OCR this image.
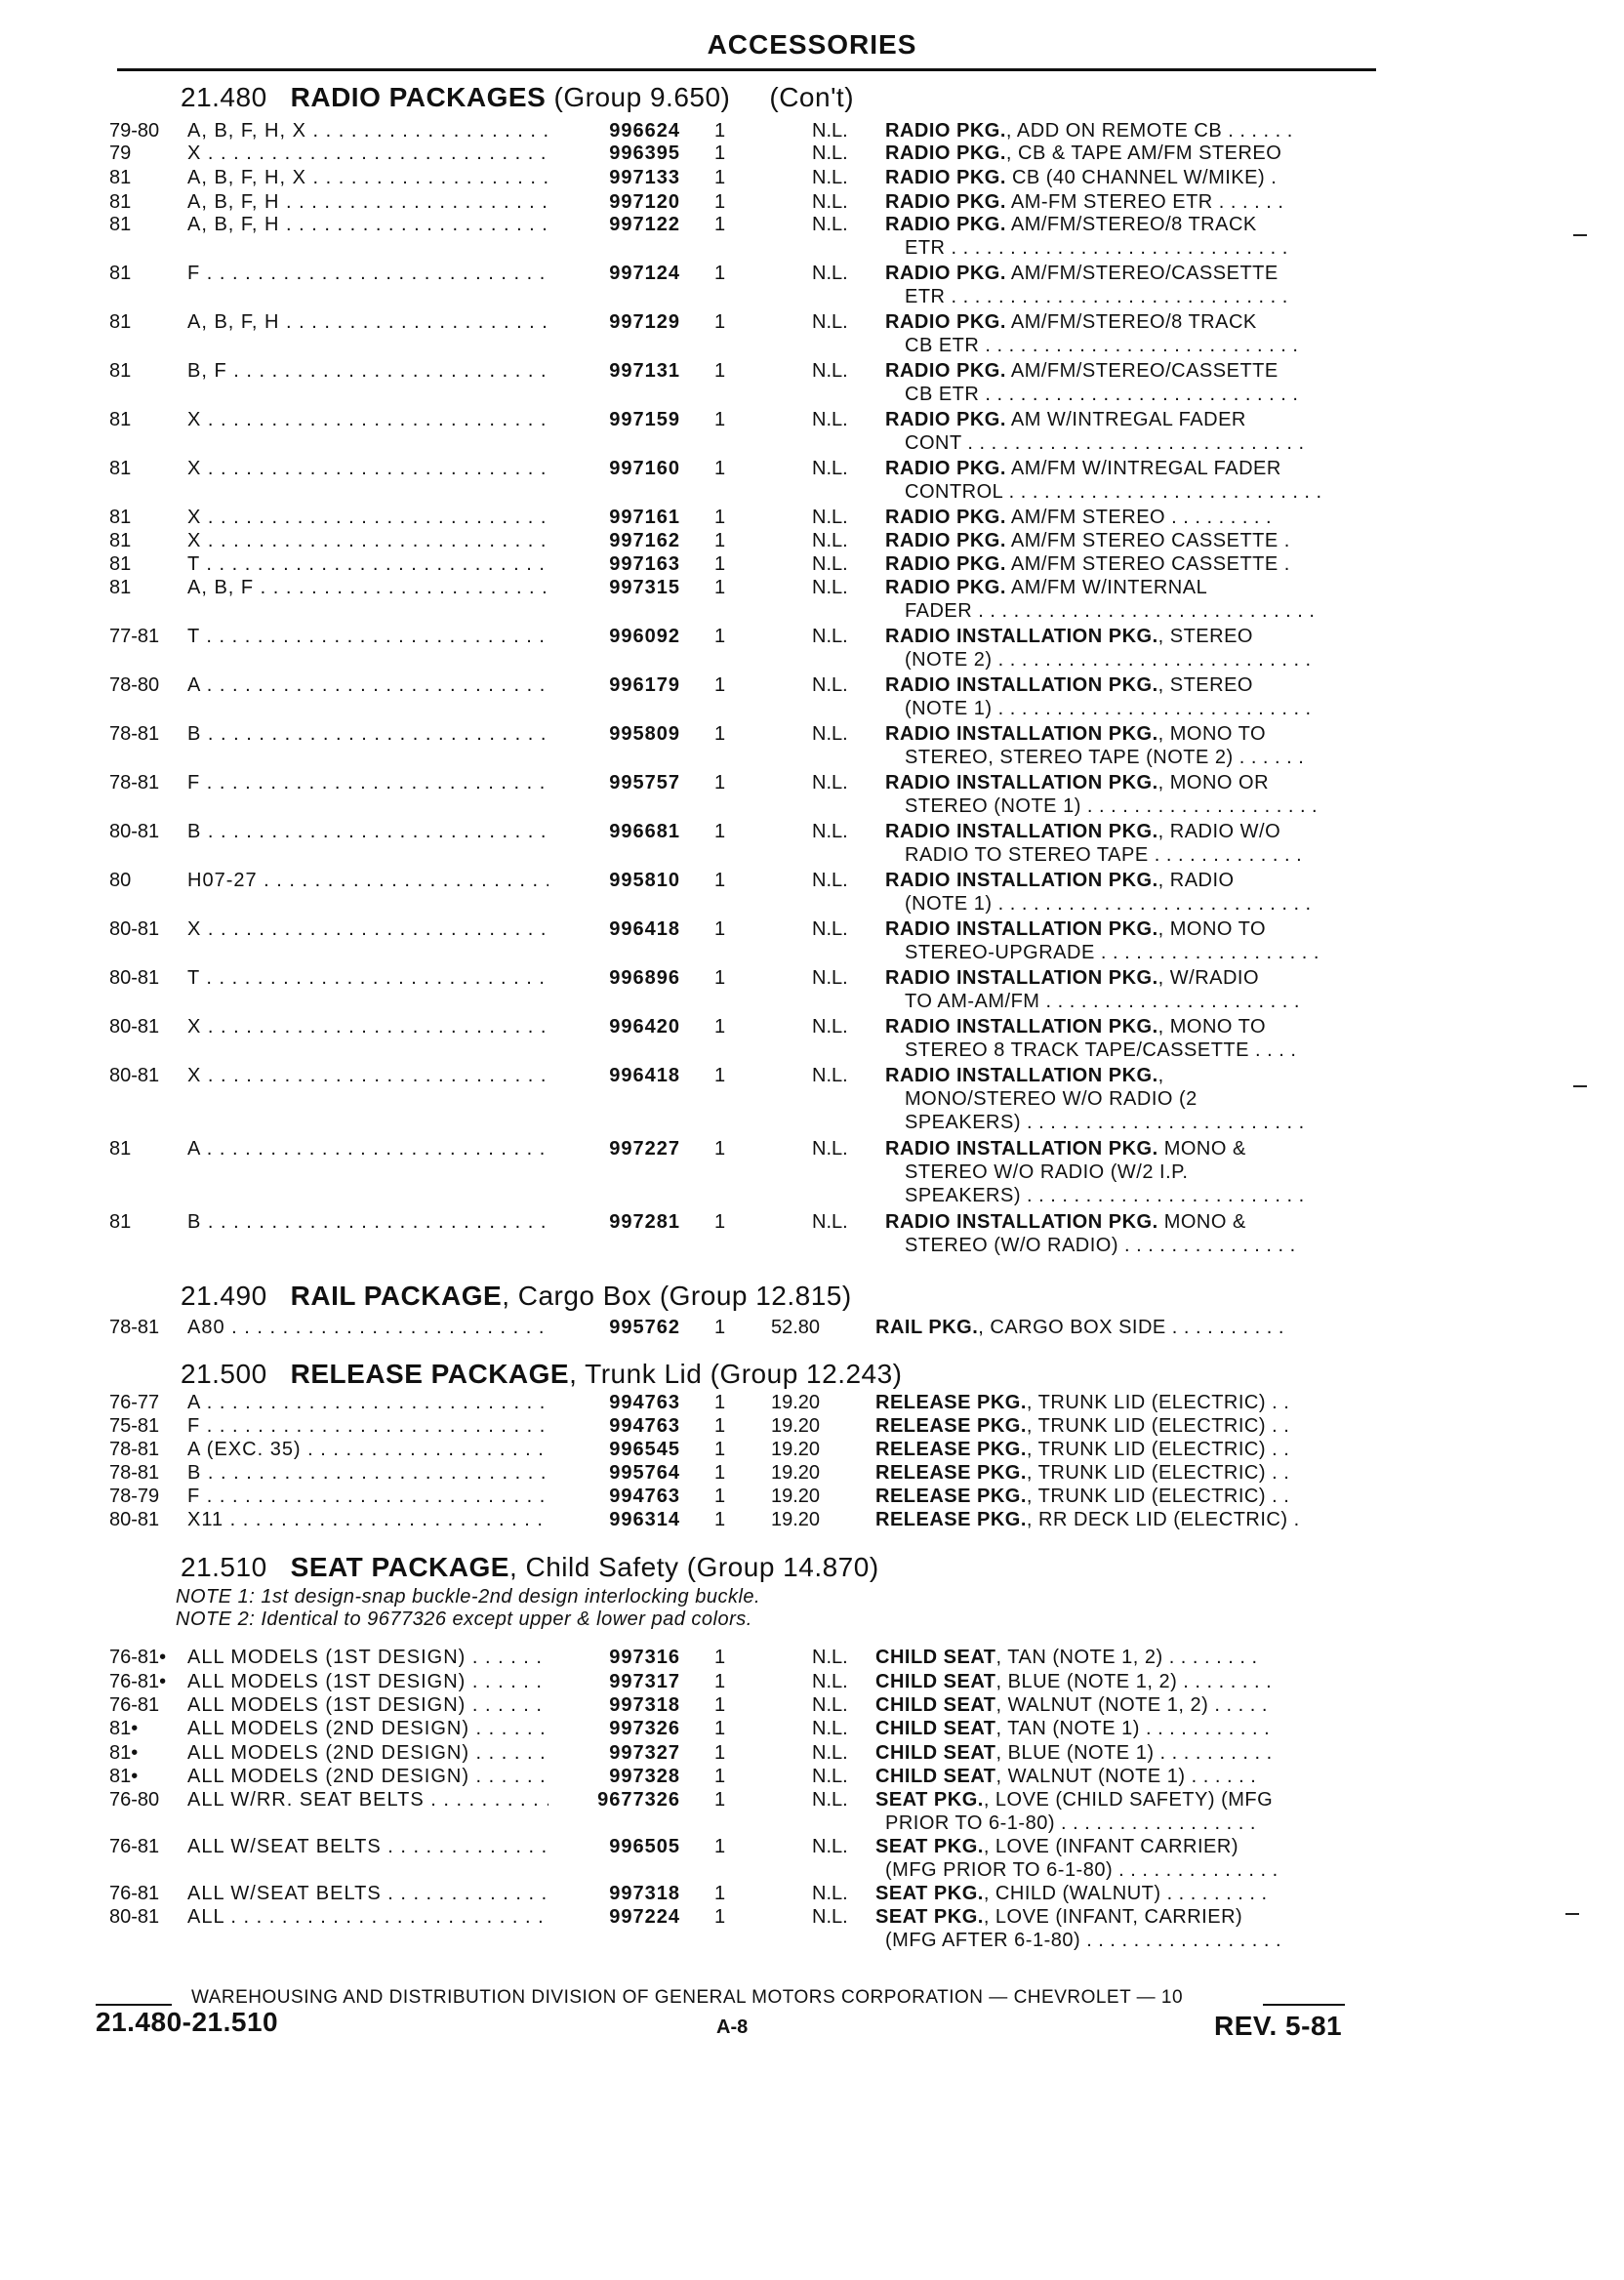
ACCESSORIES
21.480 RADIO PACKAGES (Group 9.650) (Con't)
79-80	A, B, F, H, X . . .	996624 1	N.L.	RADIO PKG., ADD ON REMOTE CB . . . . . .
79	X . . .	996395 1	N.L.	RADIO PKG., CB & TAPE AM/FM STEREO
81	A, B, F, H, X . . .	997133 1	N.L.	RADIO PKG. CB (40 CHANNEL W/MIKE) .
81	A, B, F, H . . .	997120 1	N.L.	RADIO PKG. AM-FM STEREO ETR . . . . . .
81	A, B, F, H . . .	997122 1	N.L.	RADIO PKG. AM/FM/STEREO/8 TRACK
ETR . . . . . . . . . . . . . . . . . . . . . . . . . . . . .
81	F . . .	997124 1	N.L.	RADIO PKG. AM/FM/STEREO/CASSETTE
ETR . . . . . . . . . . . . . . . . . . . . . . . . . . . . .
81	A, B, F, H . . .	997129 1	N.L.	RADIO PKG. AM/FM/STEREO/8 TRACK
CB ETR . . . . . . . . . . . . . . . . . . . . . . . . . . .
81	B, F . . .	997131 1	N.L.	RADIO PKG. AM/FM/STEREO/CASSETTE
CB ETR . . . . . . . . . . . . . . . . . . . . . . . . . . .
81	X . . .	997159 1	N.L.	RADIO PKG. AM W/INTREGAL FADER
CONT . . . . . . . . . . . . . . . . . . . . . . . . . . . . .
81	X . . .	997160 1	N.L.	RADIO PKG. AM/FM W/INTREGAL FADER
CONTROL . . . . . . . . . . . . . . . . . . . . . . . . . . .
81	X . . .	997161 1	N.L.	RADIO PKG. AM/FM STEREO . . . . . . . . .
81	X . . .	997162 1	N.L.	RADIO PKG. AM/FM STEREO CASSETTE .
81	T . . .	997163 1	N.L.	RADIO PKG. AM/FM STEREO CASSETTE .
81	A, B, F . . .	997315 1	N.L.	RADIO PKG. AM/FM W/INTERNAL
FADER . . . . . . . . . . . . . . . . . . . . . . . . . . . . .
77-81	T . . .	996092 1	N.L.	RADIO INSTALLATION PKG., STEREO
(NOTE 2) . . . . . . . . . . . . . . . . . . . . . . . . . . .
78-80	A . . .	996179 1	N.L.	RADIO INSTALLATION PKG., STEREO
(NOTE 1) . . . . . . . . . . . . . . . . . . . . . . . . . . .
78-81	B . . .	995809 1	N.L.	RADIO INSTALLATION PKG., MONO TO
STEREO, STEREO TAPE (NOTE 2) . . . . . .
78-81	F . . .	995757 1	N.L.	RADIO INSTALLATION PKG., MONO OR
STEREO (NOTE 1) . . . . . . . . . . . . . . . . . . . .
80-81	B . . .	996681 1	N.L.	RADIO INSTALLATION PKG., RADIO W/O
RADIO TO STEREO TAPE . . . . . . . . . . . . .
80	H07-27 . . .	995810 1	N.L.	RADIO INSTALLATION PKG., RADIO
(NOTE 1) . . . . . . . . . . . . . . . . . . . . . . . . . . .
80-81	X . . .	996418 1	N.L.	RADIO INSTALLATION PKG., MONO TO
STEREO-UPGRADE . . . . . . . . . . . . . . . . . . .
80-81	T . . .	996896 1	N.L.	RADIO INSTALLATION PKG., W/RADIO
TO AM-AM/FM . . . . . . . . . . . . . . . . . . . . . .
80-81	X . . .	996420 1	N.L.	RADIO INSTALLATION PKG., MONO TO
STEREO 8 TRACK TAPE/CASSETTE . . . .
80-81	X . . .	996418 1	N.L.	RADIO INSTALLATION PKG.,
MONO/STEREO W/O RADIO (2
SPEAKERS) . . . . . . . . . . . . . . . . . . . . . . . .
81	A . . .	997227 1	N.L.	RADIO INSTALLATION PKG. MONO &
STEREO W/O RADIO (W/2 I.P.
SPEAKERS) . . . . . . . . . . . . . . . . . . . . . . . .
81	B . . .	997281 1	N.L.	RADIO INSTALLATION PKG. MONO &
STEREO (W/O RADIO) . . . . . . . . . . . . . . .
21.490 RAIL PACKAGE, Cargo Box (Group 12.815)
78-81	A80 . . .	995762 1	52.80	RAIL PKG., CARGO BOX SIDE . . . . . . . . . .
21.500 RELEASE PACKAGE, Trunk Lid (Group 12.243)
76-77	A . . .	994763 1	19.20	RELEASE PKG., TRUNK LID (ELECTRIC) . .
75-81	F . . .	994763 1	19.20	RELEASE PKG., TRUNK LID (ELECTRIC) . .
78-81	A (EXC. 35) . . .	996545 1	19.20	RELEASE PKG., TRUNK LID (ELECTRIC) . .
78-81	B . . .	995764 1	19.20	RELEASE PKG., TRUNK LID (ELECTRIC) . .
78-79	F . . .	994763 1	19.20	RELEASE PKG., TRUNK LID (ELECTRIC) . .
80-81	X11 . . .	996314 1	19.20	RELEASE PKG., RR DECK LID (ELECTRIC) .
21.510 SEAT PACKAGE, Child Safety (Group 14.870)
NOTE 1: 1st design-snap buckle-2nd design interlocking buckle.
NOTE 2: Identical to 9677326 except upper & lower pad colors.
76-81•	ALL MODELS (1ST DESIGN) . . .	997316 1	N.L.	CHILD SEAT, TAN (NOTE 1, 2) . . . . . . . .
76-81•	ALL MODELS (1ST DESIGN) . . .	997317 1	N.L.	CHILD SEAT, BLUE (NOTE 1, 2) . . . . . . . .
76-81	ALL MODELS (1ST DESIGN) . . .	997318 1	N.L.	CHILD SEAT, WALNUT (NOTE 1, 2) . . . . .
81•	ALL MODELS (2ND DESIGN) . . .	997326 1	N.L.	CHILD SEAT, TAN (NOTE 1) . . . . . . . . . . .
81•	ALL MODELS (2ND DESIGN) . . .	997327 1	N.L.	CHILD SEAT, BLUE (NOTE 1) . . . . . . . . . .
81•	ALL MODELS (2ND DESIGN) . . .	997328 1	N.L.	CHILD SEAT, WALNUT (NOTE 1) . . . . . .
76-80	ALL W/RR. SEAT BELTS . . .	9677326 1	N.L.	SEAT PKG., LOVE (CHILD SAFETY) (MFG
PRIOR TO 6-1-80) . . . . . . . . . . . . . . . . .
76-81	ALL W/SEAT BELTS . . .	996505 1	N.L.	SEAT PKG., LOVE (INFANT CARRIER)
(MFG PRIOR TO 6-1-80) . . . . . . . . . . . . . .
76-81	ALL W/SEAT BELTS . . .	997318 1	N.L.	SEAT PKG., CHILD (WALNUT) . . . . . . . . .
80-81	ALL . . .	997224 1	N.L.	SEAT PKG., LOVE (INFANT, CARRIER)
(MFG AFTER 6-1-80) . . . . . . . . . . . . . . . . .
WAREHOUSING AND DISTRIBUTION DIVISION OF GENERAL MOTORS CORPORATION — CHEVROLET — 10
21.480-21.510	A-8	REV. 5-81
